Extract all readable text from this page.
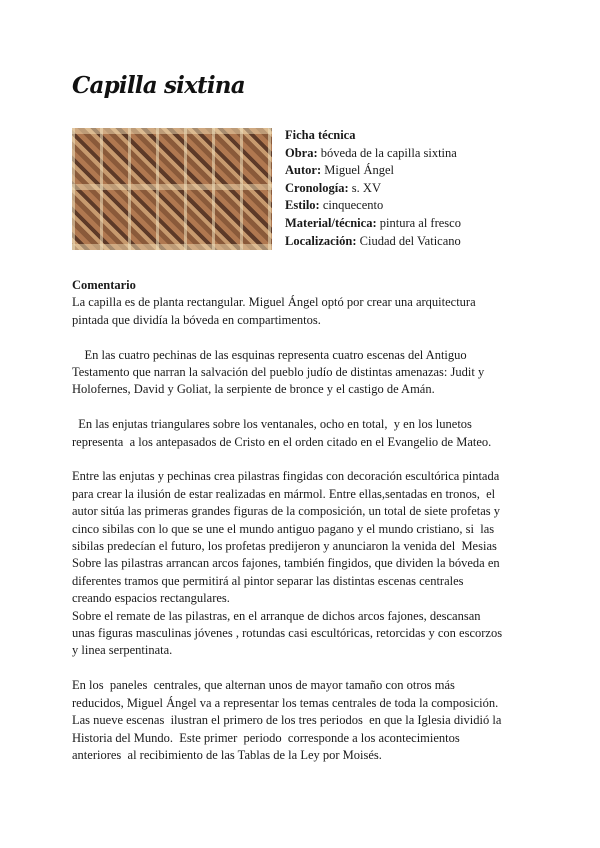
Capilla sixtina
Ficha técnica
Obra: bóveda de la capilla sixtina
Autor: Miguel Ángel
Cronología: s. XV
Estilo: cinquecento
Material/técnica: pintura al fresco
Localización: Ciudad del Vaticano
Comentario
La capilla es de planta rectangular. Miguel Ángel optó por crear una arquitectura
pintada que dividía la bóveda en compartimentos.
En las cuatro pechinas de las esquinas representa cuatro escenas del Antiguo
Testamento que narran la salvación del pueblo judío de distintas amenazas: Judit y
Holofernes, David y Goliat, la serpiente de bronce y el castigo de Amán.
En las enjutas triangulares sobre los ventanales, ocho en total,  y en los lunetos
representa  a los antepasados de Cristo en el orden citado en el Evangelio de Mateo.
Entre las enjutas y pechinas crea pilastras fingidas con decoración escultórica pintada
para crear la ilusión de estar realizadas en mármol. Entre ellas,sentadas en tronos,  el
autor sitúa las primeras grandes figuras de la composición, un total de siete profetas y
cinco sibilas con lo que se une el mundo antiguo pagano y el mundo cristiano, si  las
sibilas predecían el futuro, los profetas predijeron y anunciaron la venida del  Mesias
Sobre las pilastras arrancan arcos fajones, también fingidos, que dividen la bóveda en
diferentes tramos que permitirá al pintor separar las distintas escenas centrales
creando espacios rectangulares.
Sobre el remate de las pilastras, en el arranque de dichos arcos fajones, descansan
unas figuras masculinas jóvenes , rotundas casi escultóricas, retorcidas y con escorzos
y linea serpentinata.
En los  paneles  centrales, que alternan unos de mayor tamaño con otros más
reducidos, Miguel Ángel va a representar los temas centrales de toda la composición.
Las nueve escenas  ilustran el primero de los tres periodos  en que la Iglesia dividió la
Historia del Mundo.  Este primer  periodo  corresponde a los acontecimientos
anteriores  al recibimiento de las Tablas de la Ley por Moisés.
